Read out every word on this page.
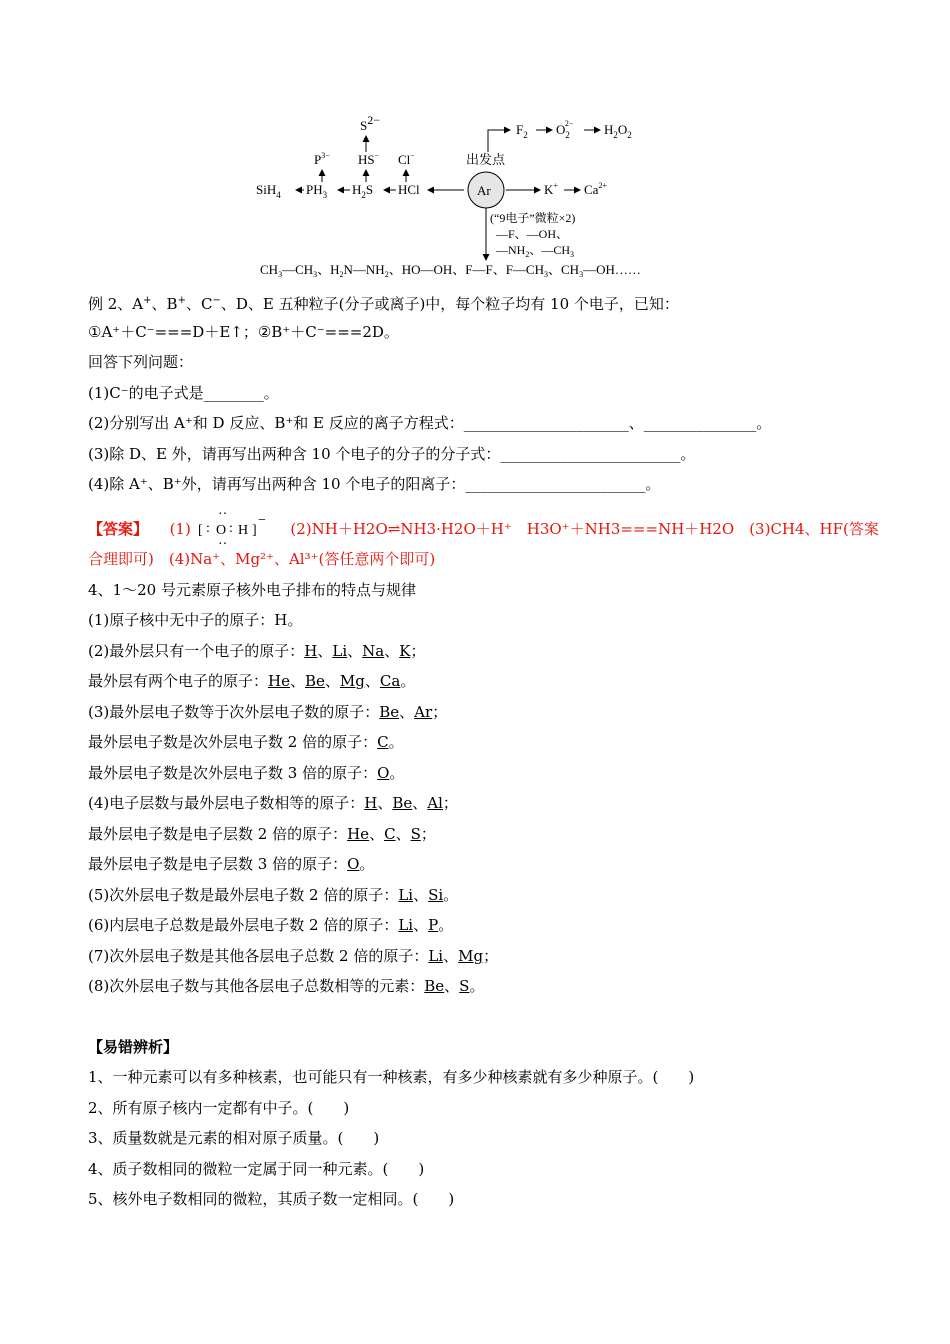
S2−
HS−
$P^{3-}$	Cl−	出发点
SiH$_4$ $PH_3$ $H_2S$ HCl	Ar
$F_2$ $O_22- H_2O_2$
K+ $Ca^{2+}$
(“9电子”微粒×2)
—F、—OH、
$—NH_2$、$—CH_3$
$CH_3—CH_3$、$H_2N—NH_2$、HO—OH、F—F、$F—CH_3$、$CH_3—OH\dots\dots$
例 2、A+、B+、C−、D、E 五种粒子(分子或离子)中，每个粒子均有 10 个电子，已知：
①A⁺＋C⁻===D＋E↑；②B⁺＋C⁻===2D。
回答下列问题：
(1)C⁻的电子式是________。
(2)分别写出 A⁺和 D 反应、B⁺和 E 反应的离子方程式：______________________、_______________。
(3)除 D、E 外，请再写出两种含 10 个电子的分子的分子式：________________________。
(4)除 A⁺、B⁺外，请再写出两种含 10 个电子的阳离子：________________________。
【答案】 (1) [ : O : H ]
−
··
··
(2)NH＋H2O⇌NH3·H2O＋H⁺　H3O⁺＋NH3===NH＋H2O　(3)CH4、HF(答案
合理即可)　(4)Na⁺、Mg²⁺、Al³⁺(答任意两个即可)
4、1～20 号元素原子核外电子排布的特点与规律
(1)原子核中无中子的原子：H。
(2)最外层只有一个电子的原子：H、Li、Na、K；
最外层有两个电子的原子：He、Be、Mg、Ca。
(3)最外层电子数等于次外层电子数的原子：Be、Ar；
最外层电子数是次外层电子数 2 倍的原子：C。
最外层电子数是次外层电子数 3 倍的原子：O。
(4)电子层数与最外层电子数相等的原子：H、Be、Al；
最外层电子数是电子层数 2 倍的原子：He、C、S；
最外层电子数是电子层数 3 倍的原子：O。
(5)次外层电子数是最外层电子数 2 倍的原子：Li、Si。
(6)内层电子总数是最外层电子数 2 倍的原子：Li、P。
(7)次外层电子数是其他各层电子总数 2 倍的原子：Li、Mg；
(8)次外层电子数与其他各层电子总数相等的元素：Be、S。
【易错辨析】
1、一种元素可以有多种核素，也可能只有一种核素，有多少种核素就有多少种原子。(　　)
2、所有原子核内一定都有中子。(　　)
3、质量数就是元素的相对原子质量。(　　)
4、质子数相同的微粒一定属于同一种元素。(　　)
5、核外电子数相同的微粒，其质子数一定相同。(　　)
